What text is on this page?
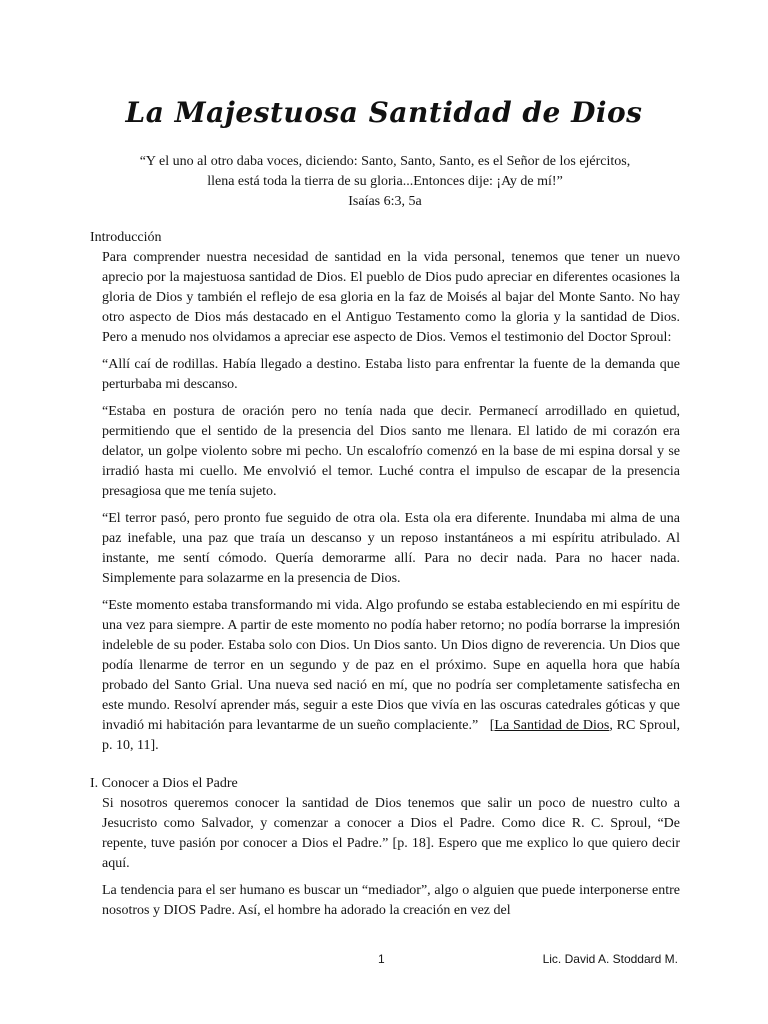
La Majestuosa Santidad de Dios
“Y el uno al otro daba voces, diciendo: Santo, Santo, Santo, es el Señor de los ejércitos,
llena está toda la tierra de su gloria...Entonces dije: ¡Ay de mí!”
Isaías 6:3, 5a
Introducción

Para comprender nuestra necesidad de santidad en la vida personal, tenemos que tener un nuevo aprecio por la majestuosa santidad de Dios. El pueblo de Dios pudo apreciar en diferentes ocasiones la gloria de Dios y también el reflejo de esa gloria en la faz de Moisés al bajar del Monte Santo. No hay otro aspecto de Dios más destacado en el Antiguo Testamento como la gloria y la santidad de Dios. Pero a menudo nos olvidamos a apreciar ese aspecto de Dios. Vemos el testimonio del Doctor Sproul:

“Allí caí de rodillas. Había llegado a destino. Estaba listo para enfrentar la fuente de la demanda que perturbaba mi descanso.

“Estaba en postura de oración pero no tenía nada que decir. Permanecí arrodillado en quietud, permitiendo que el sentido de la presencia del Dios santo me llenara. El latido de mi corazón era delator, un golpe violento sobre mi pecho. Un escalofrío comenzó en la base de mi espina dorsal y se irradió hasta mi cuello. Me envolvió el temor. Luché contra el impulso de escapar de la presencia presagiosa que me tenía sujeto.

“El terror pasó, pero pronto fue seguido de otra ola. Esta ola era diferente. Inundaba mi alma de una paz inefable, una paz que traía un descanso y un reposo instantáneos a mi espíritu atribulado. Al instante, me sentí cómodo. Quería demorarme allí. Para no decir nada. Para no hacer nada. Simplemente para solazarme en la presencia de Dios.

“Este momento estaba transformando mi vida. Algo profundo se estaba estableciendo en mi espíritu de una vez para siempre. A partir de este momento no podía haber retorno; no podía borrarse la impresión indeleble de su poder. Estaba solo con Dios. Un Dios santo. Un Dios digno de reverencia. Un Dios que podía llenarme de terror en un segundo y de paz en el próximo. Supe en aquella hora que había probado del Santo Grial. Una nueva sed nació en mí, que no podría ser completamente satisfecha en este mundo. Resolví aprender más, seguir a este Dios que vivía en las oscuras catedrales góticas y que invadió mi habitación para levantarme de un sueño complaciente.” [La Santidad de Dios, RC Sproul, p. 10, 11].

I. Conocer a Dios el Padre

Si nosotros queremos conocer la santidad de Dios tenemos que salir un poco de nuestro culto a Jesucristo como Salvador, y comenzar a conocer a Dios el Padre. Como dice R. C. Sproul, “De repente, tuve pasión por conocer a Dios el Padre.” [p. 18]. Espero que me explico lo que quiero decir aquí.

La tendencia para el ser humano es buscar un “mediador”, algo o alguien que puede interponerse entre nosotros y DIOS Padre. Así, el hombre ha adorado la creación en vez del

1	Lic. David A. Stoddard M.
